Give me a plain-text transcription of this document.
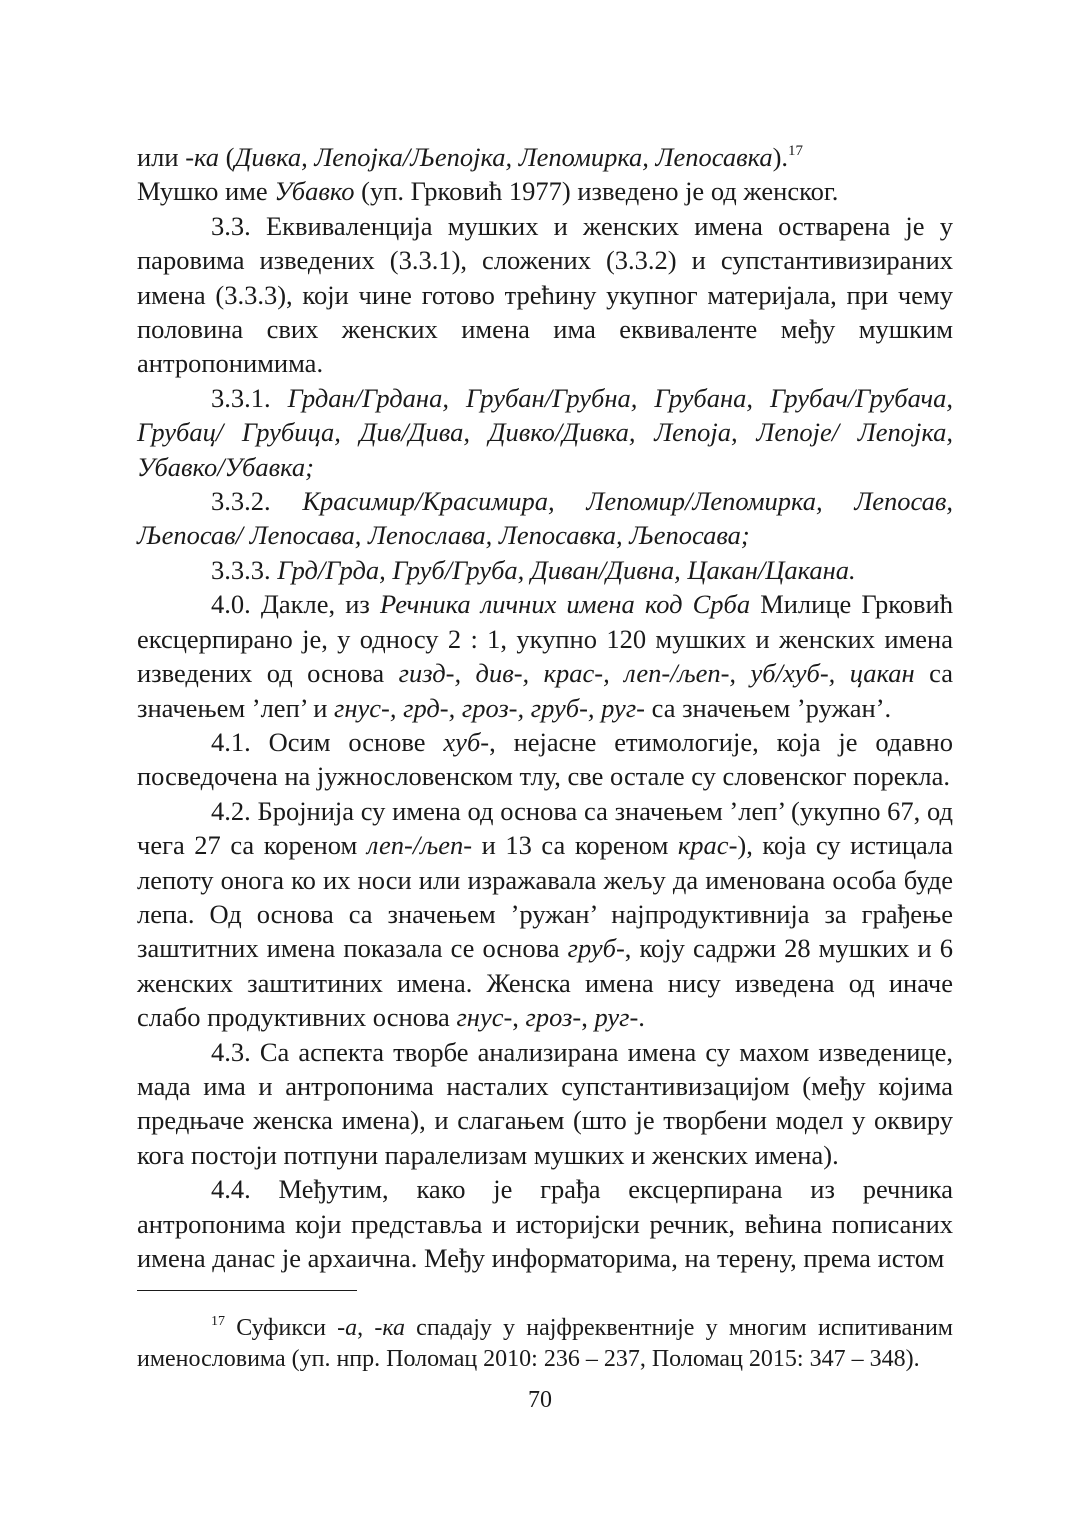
или -ка (Дивка, Лепојка/Љепојка, Лепомирка, Лепосавка).$^{17}$
Мушко име Убавко (уп. Грковић 1977) изведено је од женског.

3.3. Еквиваленција мушких и женских имена остварена је у паровима изведених (3.3.1), сложених (3.3.2) и супстантивизираних имена (3.3.3), који чине готово трећину укупног материјала, при чему половина свих женских имена има еквиваленте међу мушким антропонимима.

3.3.1. Грдан/Грдана, Грубан/Грубна, Грубана, Грубач/Грубача, Грубац/ Грубица, Див/Дива, Дивко/Дивка, Лепоја, Лепоје/ Лепојка, Убавко/Убавка;

3.3.2. Красимир/Красимира, Лепомир/Лепомирка, Лепосав, Љепосав/ Лепосава, Лепослава, Лепосавка, Љепосава;

3.3.3. Грд/Грда, Груб/Груба, Диван/Дивна, Цакан/Цакана.

4.0. Дакле, из Речника личних имена код Срба Милице Грковић ексцерпирано је, у односу 2 : 1, укупно 120 мушких и женских имена изведених од основа гизд-, див-, крас-, леп-/љеп-, уб/хуб-, цакан са значењем ’леп’ и гнус-, грд-, гроз-, груб-, руг- са значењем ’ружан’.

4.1. Осим основе хуб-, нејасне етимологије, која је одавно посведочена на јужнословенском тлу, све остале су словенског порекла.

4.2. Бројнија су имена од основа са значењем ’леп’ (укупно 67, од чега 27 са кореном леп-/љеп- и 13 са кореном крас-), која су истицала лепоту онога ко их носи или изражавала жељу да именована особа буде лепа. Од основа са значењем ’ружан’ најпродуктивнија за грађење заштитних имена показала се основа груб-, коју садржи 28 мушких и 6 женских заштитиних имена. Женска имена нису изведена од иначе слабо продуктивних основа гнус-, гроз-, руг-.

4.3. Са аспекта творбе анализирана имена су махом изведенице, мада има и антропонима насталих супстантивизацијом (међу којима предњаче женска имена), и слагањем (што је творбени модел у оквиру кога постоји потпуни паралелизам мушких и женских имена).

4.4. Међутим, како је грађа ексцерпирана из речника антропонима који представља и историјски речник, већина пописаних имена данас је архаична. Међу информаторима, на терену, према истом

$^{17}$ Суфикси -а, -ка спадају у најфреквентније у многим испитиваним именословима (уп. нпр. Поломац 2010: 236 – 237, Поломац 2015: 347 – 348).

70
